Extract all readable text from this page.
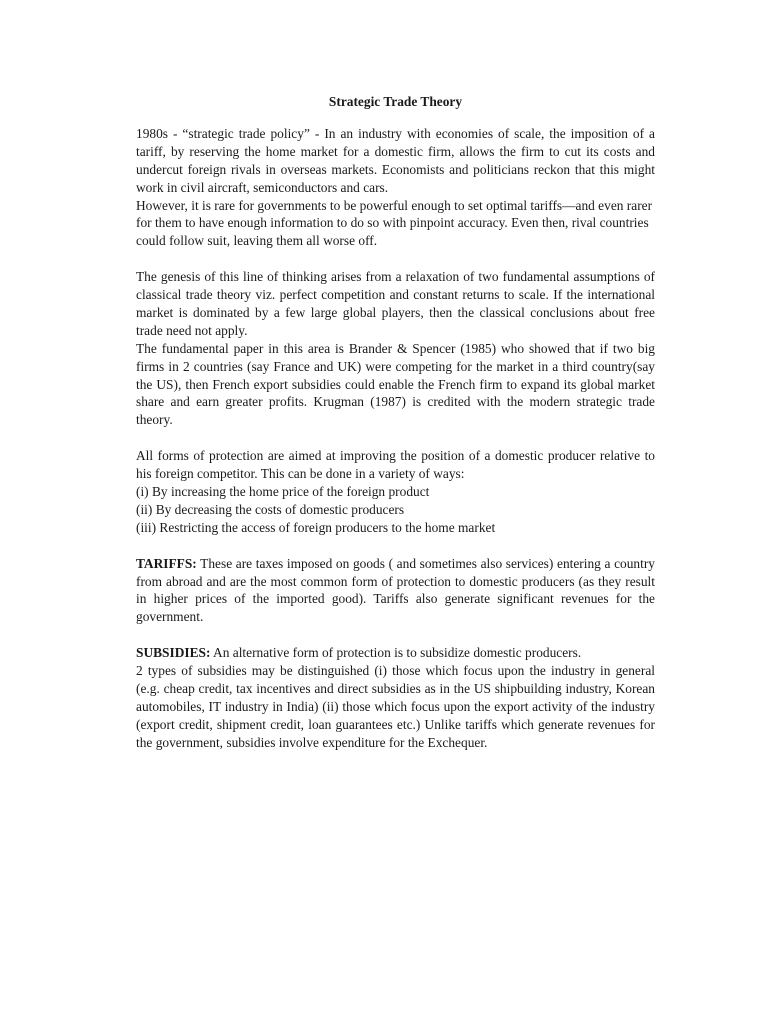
Strategic Trade Theory

1980s - “strategic trade policy” - In an industry with economies of scale, the imposition of a tariff, by reserving the home market for a domestic firm, allows the firm to cut its costs and undercut foreign rivals in overseas markets. Economists and politicians reckon that this might work in civil aircraft, semiconductors and cars.

However, it is rare for governments to be powerful enough to set optimal tariffs—and even rarer for them to have enough information to do so with pinpoint accuracy. Even then, rival countries could follow suit, leaving them all worse off.

The genesis of this line of thinking arises from a relaxation of two fundamental assumptions of classical trade theory viz. perfect competition and constant returns to scale. If the international market is dominated by a few large global players, then the classical conclusions about free trade need not apply.

The fundamental paper in this area is Brander & Spencer (1985) who showed that if two big firms in 2 countries (say France and UK) were competing for the market in a third country(say the US), then French export subsidies could enable the French firm to expand its global market share and earn greater profits. Krugman (1987) is credited with the modern strategic trade theory.

All forms of protection are aimed at improving the position of a domestic producer relative to his foreign competitor. This can be done in a variety of ways:

(i) By increasing the home price of the foreign product
(ii) By decreasing the costs of domestic producers
(iii) Restricting the access of foreign producers to the home market

TARIFFS: These are taxes imposed on goods ( and sometimes also services) entering a country from abroad and are the most common form of protection to domestic producers (as they result in higher prices of the imported good). Tariffs also generate significant revenues for the government.

SUBSIDIES: An alternative form of protection is to subsidize domestic producers.

2 types of subsidies may be distinguished (i) those which focus upon the industry in general (e.g. cheap credit, tax incentives and direct subsidies as in the US shipbuilding industry, Korean automobiles, IT industry in India) (ii) those which focus upon the export activity of the industry (export credit, shipment credit, loan guarantees etc.) Unlike tariffs which generate revenues for the government, subsidies involve expenditure for the Exchequer.
